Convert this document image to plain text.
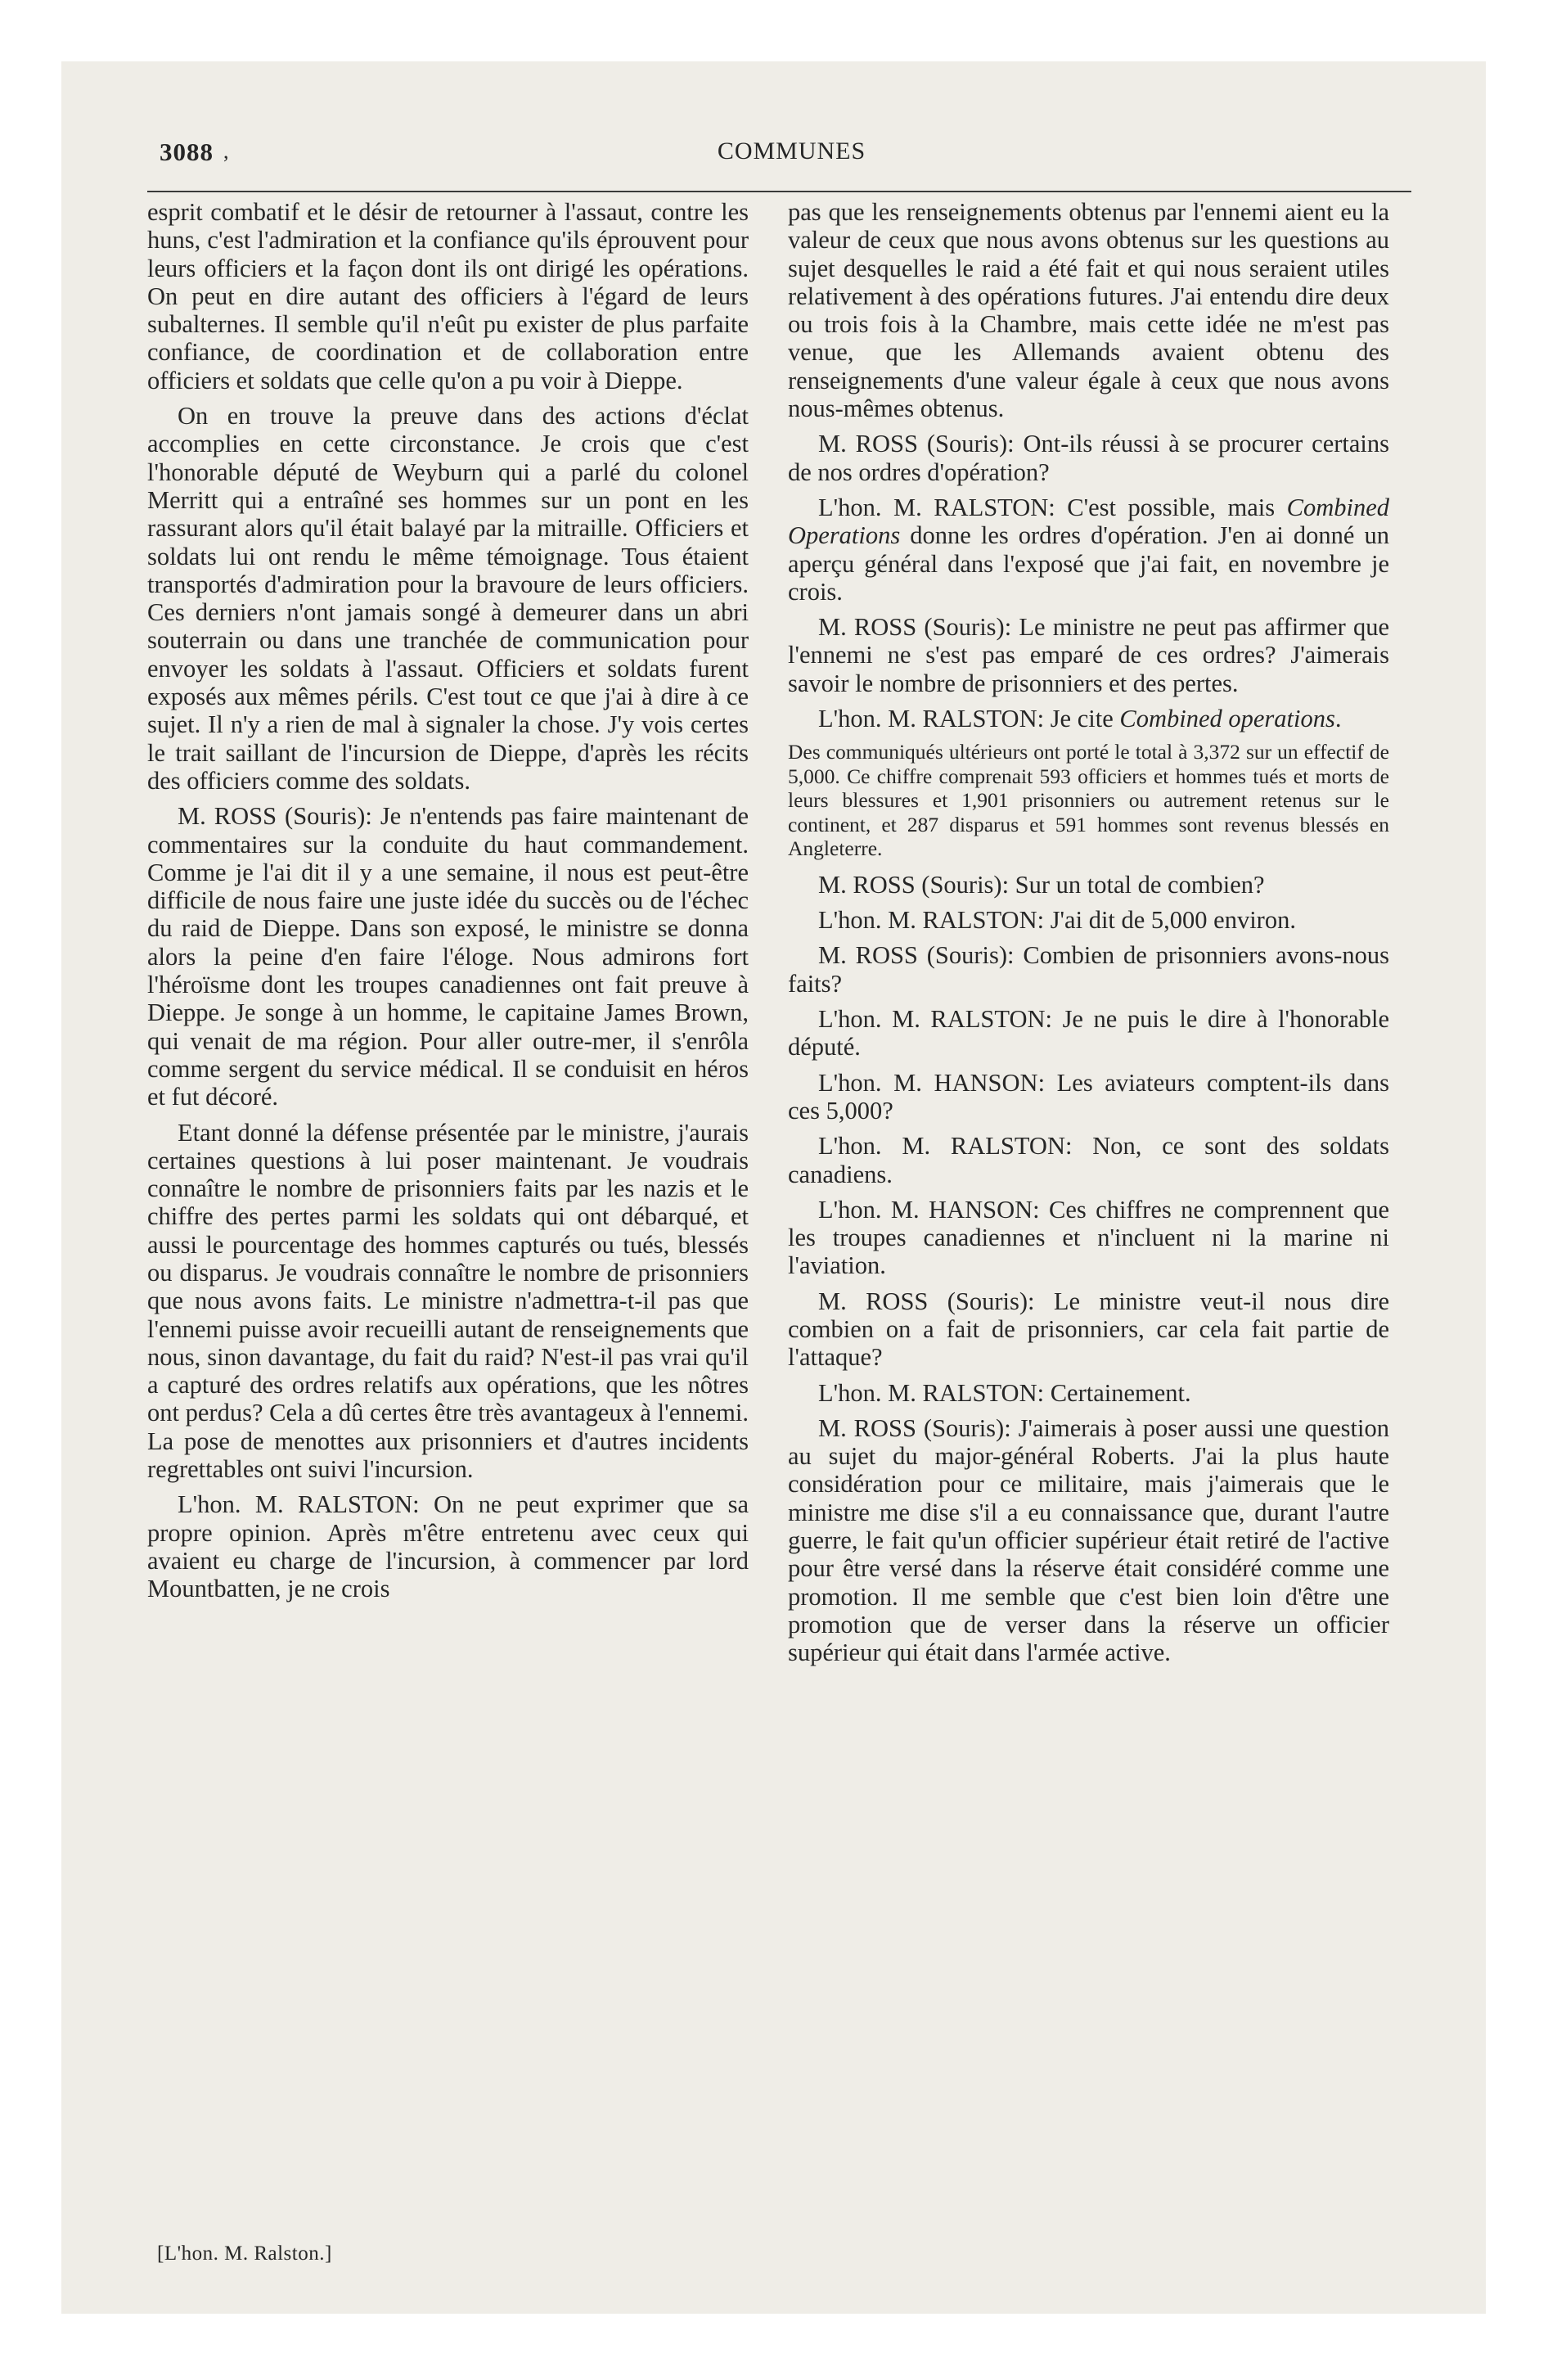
3088	COMMUNES
,

esprit combatif et le désir de retourner à l'assaut, contre les huns, c'est l'admiration et la confiance qu'ils éprouvent pour leurs officiers et la façon dont ils ont dirigé les opérations. On peut en dire autant des officiers à l'égard de leurs subalternes. Il semble qu'il n'eût pu exister de plus parfaite confiance, de coordination et de collaboration entre officiers et soldats que celle qu'on a pu voir à Dieppe.

On en trouve la preuve dans des actions d'éclat accomplies en cette circonstance. Je crois que c'est l'honorable député de Weyburn qui a parlé du colonel Merritt qui a entraîné ses hommes sur un pont en les rassurant alors qu'il était balayé par la mitraille. Officiers et soldats lui ont rendu le même témoignage. Tous étaient transportés d'admiration pour la bravoure de leurs officiers. Ces derniers n'ont jamais songé à demeurer dans un abri souterrain ou dans une tranchée de communication pour envoyer les soldats à l'assaut. Officiers et soldats furent exposés aux mêmes périls. C'est tout ce que j'ai à dire à ce sujet. Il n'y a rien de mal à signaler la chose. J'y vois certes le trait saillant de l'incursion de Dieppe, d'après les récits des officiers comme des soldats.

M. ROSS (Souris): Je n'entends pas faire maintenant de commentaires sur la conduite du haut commandement. Comme je l'ai dit il y a une semaine, il nous est peut-être difficile de nous faire une juste idée du succès ou de l'échec du raid de Dieppe. Dans son exposé, le ministre se donna alors la peine d'en faire l'éloge. Nous admirons fort l'héroïsme dont les troupes canadiennes ont fait preuve à Dieppe. Je songe à un homme, le capitaine James Brown, qui venait de ma région. Pour aller outre-mer, il s'enrôla comme sergent du service médical. Il se conduisit en héros et fut décoré.

Etant donné la défense présentée par le ministre, j'aurais certaines questions à lui poser maintenant. Je voudrais connaître le nombre de prisonniers faits par les nazis et le chiffre des pertes parmi les soldats qui ont débarqué, et aussi le pourcentage des hommes capturés ou tués, blessés ou disparus. Je voudrais connaître le nombre de prisonniers que nous avons faits. Le ministre n'admettra-t-il pas que l'ennemi puisse avoir recueilli autant de renseignements que nous, sinon davantage, du fait du raid? N'est-il pas vrai qu'il a capturé des ordres relatifs aux opérations, que les nôtres ont perdus? Cela a dû certes être très avantageux à l'ennemi. La pose de menottes aux prisonniers et d'autres incidents regrettables ont suivi l'incursion.

L'hon. M. RALSTON: On ne peut exprimer que sa propre opinion. Après m'être entretenu avec ceux qui avaient eu charge de l'incursion, à commencer par lord Mountbatten, je ne crois

pas que les renseignements obtenus par l'ennemi aient eu la valeur de ceux que nous avons obtenus sur les questions au sujet desquelles le raid a été fait et qui nous seraient utiles relativement à des opérations futures. J'ai entendu dire deux ou trois fois à la Chambre, mais cette idée ne m'est pas venue, que les Allemands avaient obtenu des renseignements d'une valeur égale à ceux que nous avons nous-mêmes obtenus.

M. ROSS (Souris): Ont-ils réussi à se procurer certains de nos ordres d'opération?

L'hon. M. RALSTON: C'est possible, mais Combined Operations donne les ordres d'opération. J'en ai donné un aperçu général dans l'exposé que j'ai fait, en novembre je crois.

M. ROSS (Souris): Le ministre ne peut pas affirmer que l'ennemi ne s'est pas emparé de ces ordres? J'aimerais savoir le nombre de prisonniers et des pertes.

L'hon. M. RALSTON: Je cite Combined operations.

Des communiqués ultérieurs ont porté le total à 3,372 sur un effectif de 5,000. Ce chiffre comprenait 593 officiers et hommes tués et morts de leurs blessures et 1,901 prisonniers ou autrement retenus sur le continent, et 287 disparus et 591 hommes sont revenus blessés en Angleterre.

M. ROSS (Souris): Sur un total de combien?

L'hon. M. RALSTON: J'ai dit de 5,000 environ.

M. ROSS (Souris): Combien de prisonniers avons-nous faits?

L'hon. M. RALSTON: Je ne puis le dire à l'honorable député.

L'hon. M. HANSON: Les aviateurs comptent-ils dans ces 5,000?

L'hon. M. RALSTON: Non, ce sont des soldats canadiens.

L'hon. M. HANSON: Ces chiffres ne comprennent que les troupes canadiennes et n'incluent ni la marine ni l'aviation.

M. ROSS (Souris): Le ministre veut-il nous dire combien on a fait de prisonniers, car cela fait partie de l'attaque?

L'hon. M. RALSTON: Certainement.

M. ROSS (Souris): J'aimerais à poser aussi une question au sujet du major-général Roberts. J'ai la plus haute considération pour ce militaire, mais j'aimerais que le ministre me dise s'il a eu connaissance que, durant l'autre guerre, le fait qu'un officier supérieur était retiré de l'active pour être versé dans la réserve était considéré comme une promotion. Il me semble que c'est bien loin d'être une promotion que de verser dans la réserve un officier supérieur qui était dans l'armée active.

[L'hon. M. Ralston.]
